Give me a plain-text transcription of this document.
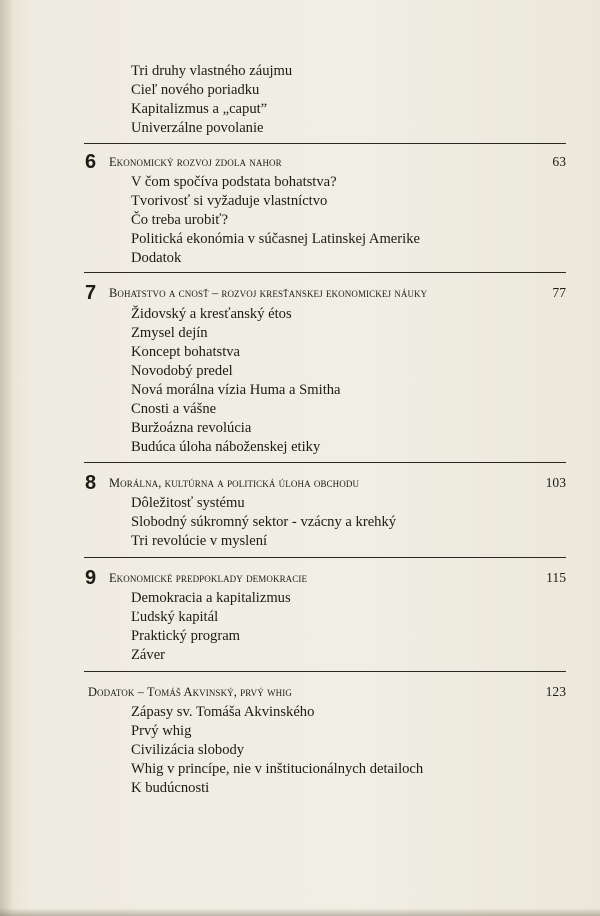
Tri druhy vlastného záujmu
Cieľ nového poriadku
Kapitalizmus a „caput”
Univerzálne povolanie
6 Ekonomický rozvoj zdola nahor	63
V čom spočíva podstata bohatstva?
Tvorivosť si vyžaduje vlastníctvo
Čo treba urobiť?
Politická ekonómia v súčasnej Latinskej Amerike
Dodatok
7 Bohatstvo a cnosť – rozvoj kresťanskej ekonomickej náuky	77
Židovský a kresťanský étos
Zmysel dejín
Koncept bohatstva
Novodobý predel
Nová morálna vízia Huma a Smitha
Cnosti a vášne
Buržoázna revolúcia
Budúca úloha náboženskej etiky
8 Morálna, kultúrna a politická úloha obchodu	103
Dôležitosť systému
Slobodný súkromný sektor - vzácny a krehký
Tri revolúcie v myslení
9 Ekonomické predpoklady demokracie	115
Demokracia a kapitalizmus
Ľudský kapitál
Praktický program
Záver
Dodatok – Tomáš Akvinský, prvý whig	123
Zápasy sv. Tomáša Akvinského
Prvý whig
Civilizácia slobody
Whig v princípe, nie v inštitucionálnych detailoch
K budúcnosti
